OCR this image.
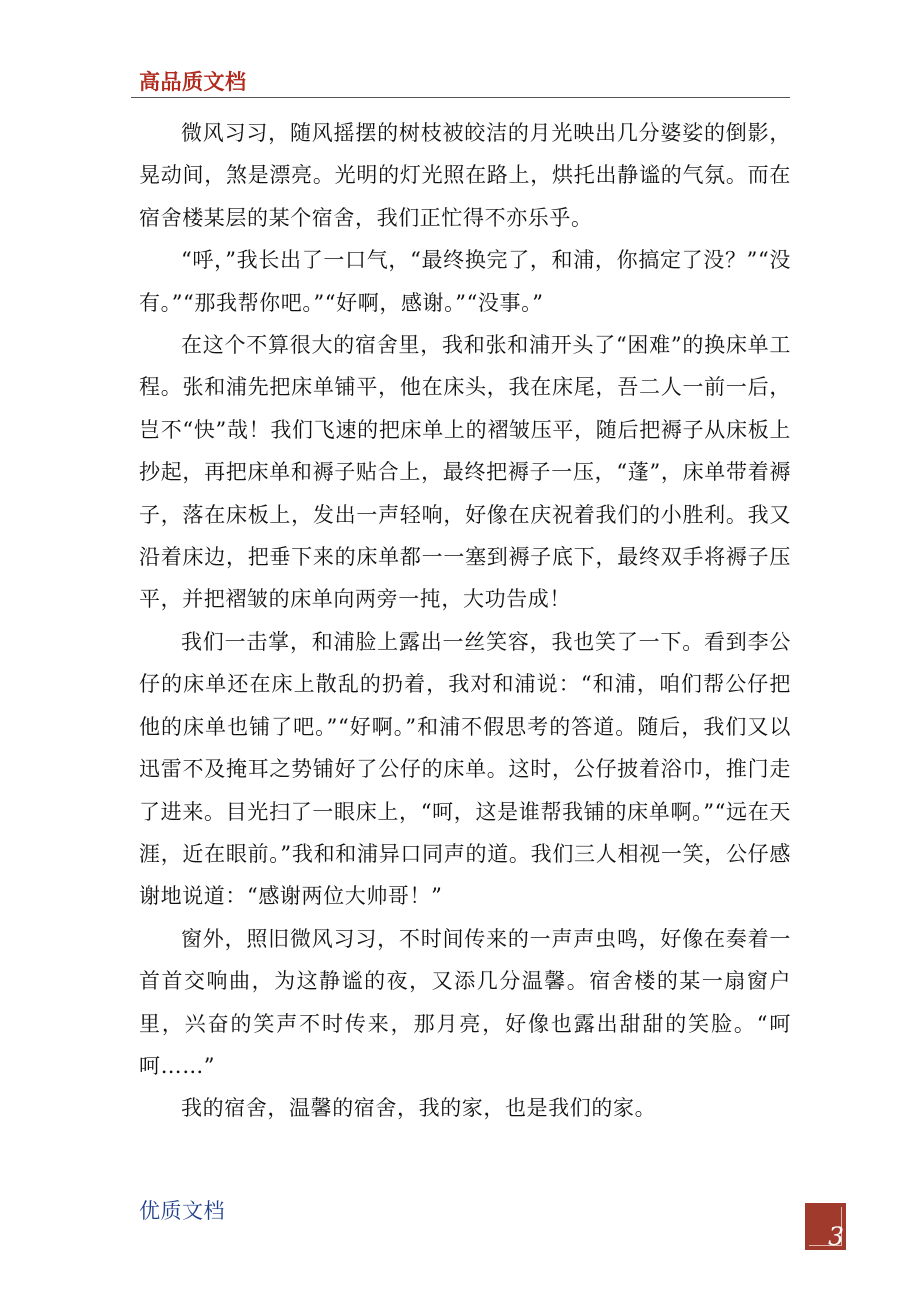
高品质文档

微风习习，随风摇摆的树枝被皎洁的月光映出几分婆娑的倒影，晃动间，煞是漂亮。光明的灯光照在路上，烘托出静谧的气氛。而在宿舍楼某层的某个宿舍，我们正忙得不亦乐乎。

“呼，”我长出了一口气，“最终换完了，和浦，你搞定了没？”“没有。”“那我帮你吧。”“好啊，感谢。”“没事。”

在这个不算很大的宿舍里，我和张和浦开头了“困难”的换床单工程。张和浦先把床单铺平，他在床头，我在床尾，吾二人一前一后，岂不“快”哉！我们飞速的把床单上的褶皱压平，随后把褥子从床板上抄起，再把床单和褥子贴合上，最终把褥子一压，“蓬”，床单带着褥子，落在床板上，发出一声轻响，好像在庆祝着我们的小胜利。我又沿着床边，把垂下来的床单都一一塞到褥子底下，最终双手将褥子压平，并把褶皱的床单向两旁一扽，大功告成！

我们一击掌，和浦脸上露出一丝笑容，我也笑了一下。看到李公仔的床单还在床上散乱的扔着，我对和浦说：“和浦，咱们帮公仔把他的床单也铺了吧。”“好啊。”和浦不假思考的答道。随后，我们又以迅雷不及掩耳之势铺好了公仔的床单。这时，公仔披着浴巾，推门走了进来。目光扫了一眼床上，“呵，这是谁帮我铺的床单啊。”“远在天涯，近在眼前。”我和和浦异口同声的道。我们三人相视一笑，公仔感谢地说道：“感谢两位大帅哥！”

窗外，照旧微风习习，不时间传来的一声声虫鸣，好像在奏着一首首交响曲，为这静谧的夜，又添几分温馨。宿舍楼的某一扇窗户里，兴奋的笑声不时传来，那月亮，好像也露出甜甜的笑脸。“呵呵……”

我的宿舍，温馨的宿舍，我的家，也是我们的家。

优质文档
3
